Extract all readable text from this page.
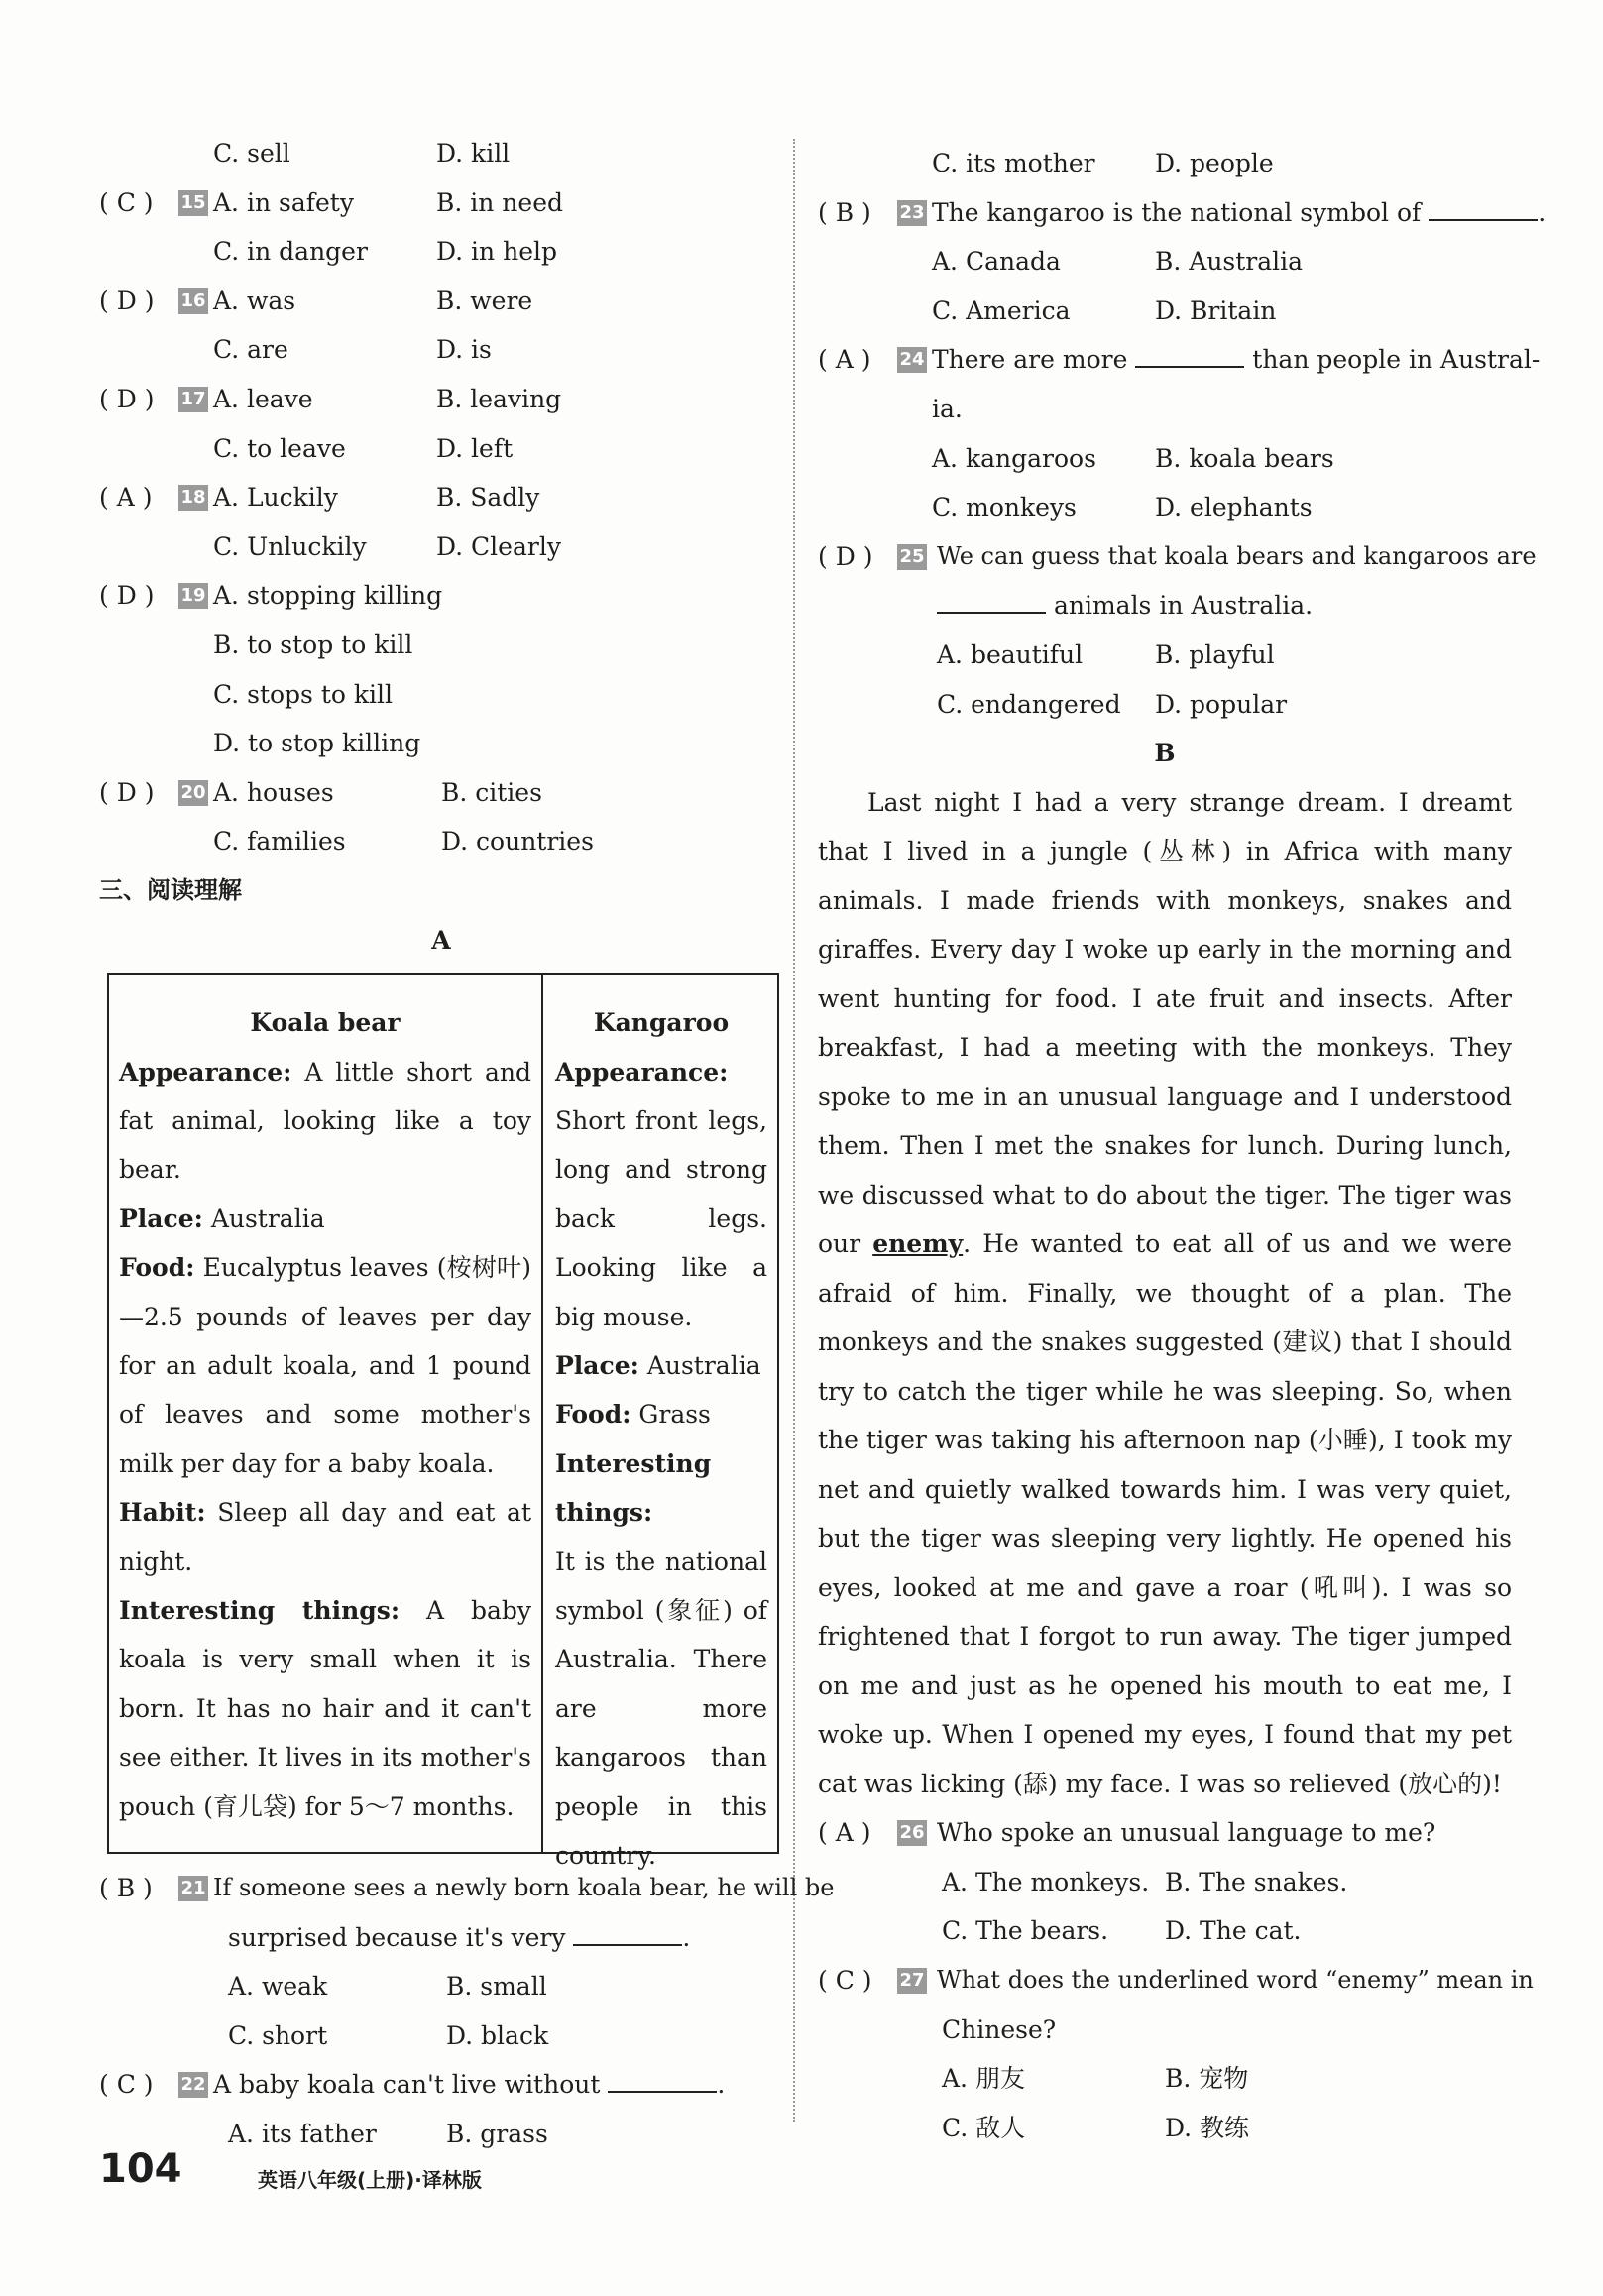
C. sell	D. kill
( C ) 15 A. in safety	B. in need
C. in danger	D. in help
( D ) 16 A. was	B. were
C. are	D. is
( D ) 17 A. leave	B. leaving
C. to leave	D. left
( A ) 18 A. Luckily	B. Sadly
C. Unluckily	D. Clearly
( D ) 19 A. stopping killing
B. to stop to kill
C. stops to kill
D. to stop killing
( D ) 20 A. houses	B. cities
C. families	D. countries
三、阅读理解
A
Koala bear
Appearance: A little short and fat animal, looking like a toy bear.
Place: Australia
Food: Eucalyptus leaves (桉树叶)—2.5 pounds of leaves per day for an adult koala, and 1 pound of leaves and some mother's milk per day for a baby koala.
Habit: Sleep all day and eat at night.
Interesting things: A baby koala is very small when it is born. It has no hair and it can't see either. It lives in its mother's pouch (育儿袋) for 5～7 months.
Kangaroo
Appearance:
Short front legs, long and strong back legs. Looking like a big mouse.
Place: Australia
Food: Grass
Interesting things:
It is the national symbol (象征) of Australia. There are more kangaroos than people in this country.
( B ) 21 If someone sees a newly born koala bear, he will be
surprised because it's very	.
A. weak	B. small
C. short	D. black
( C ) 22 A baby koala can't live without	.
A. its father	B. grass
C. its mother D. people
( B ) 23 The kangaroo is the national symbol of	.
A. Canada	B. Australia
C. America	D. Britain
( A ) 24 There are more	than people in Austral-
ia.
A. kangaroos B. koala bears
C. monkeys	D. elephants
( D ) 25 We can guess that koala bears and kangaroos are
animals in Australia.
A. beautiful	B. playful
C. endangered D. popular
B

Last night I had a very strange dream. I dreamt that I lived in a jungle (丛林) in Africa with many animals. I made friends with monkeys, snakes and giraffes. Every day I woke up early in the morning and went hunting for food. I ate fruit and insects. After breakfast, I had a meeting with the monkeys. They spoke to me in an unusual language and I understood them. Then I met the snakes for lunch. During lunch, we discussed what to do about the tiger. The tiger was our enemy. He wanted to eat all of us and we were afraid of him. Finally, we thought of a plan. The monkeys and the snakes suggested (建议) that I should try to catch the tiger while he was sleeping. So, when the tiger was taking his afternoon nap (小睡), I took my net and quietly walked towards him. I was very quiet, but the tiger was sleeping very lightly. He opened his eyes, looked at me and gave a roar (吼叫). I was so frightened that I forgot to run away. The tiger jumped on me and just as he opened his mouth to eat me, I woke up. When I opened my eyes, I found that my pet cat was licking (舔) my face. I was so relieved (放心的)!

( A ) 26 Who spoke an unusual language to me?
A. The monkeys. B. The snakes.
C. The bears. D. The cat.
( C ) 27 What does the underlined word “enemy” mean in
Chinese?
A. 朋友	B. 宠物
C. 敌人	D. 教练
104	英语八年级(上册)·译林版
